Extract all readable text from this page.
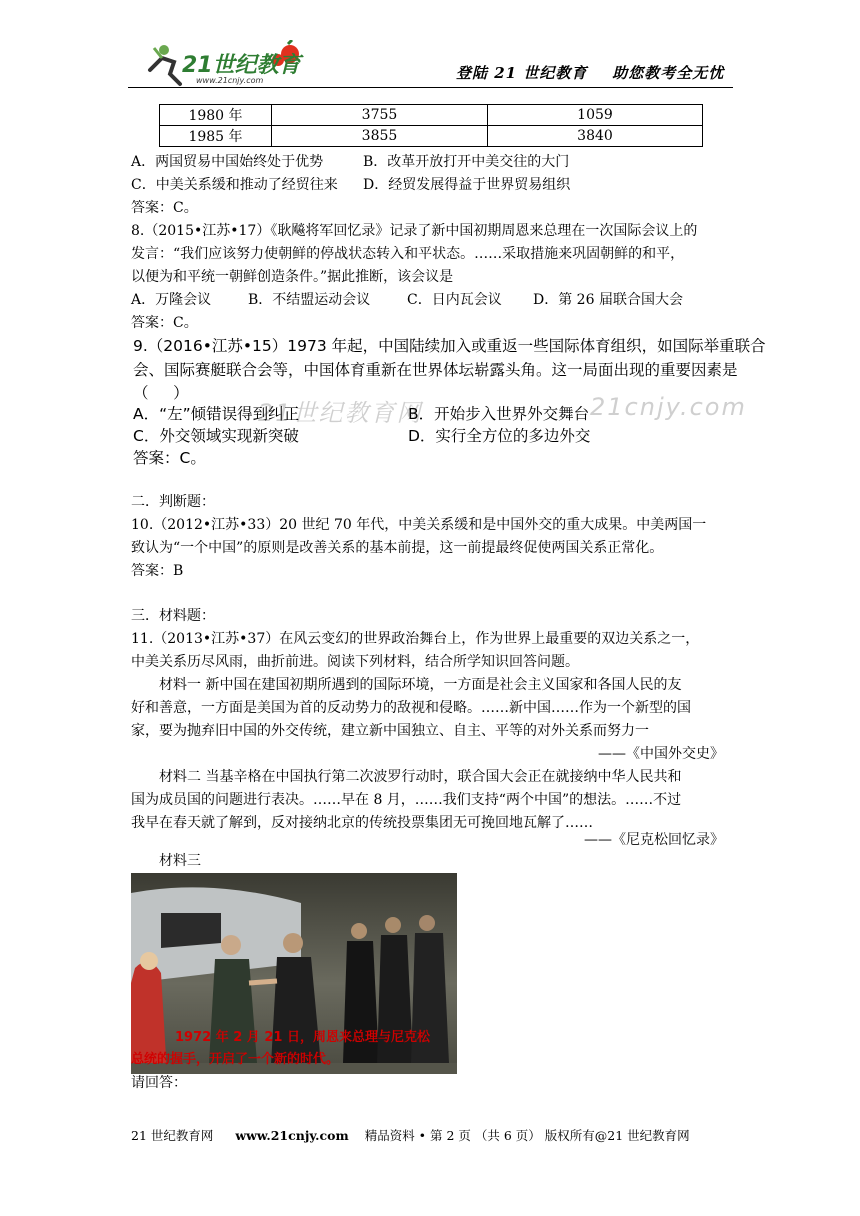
21世纪教育
www.21cnjy.com	登陆 21 世纪教育    助您教考全无忧
1980 年	3755	1059
1985 年	3855	3840
A．两国贸易中国始终处于优势	B．改革开放打开中美交往的大门
C．中美关系缓和推动了经贸往来 D．经贸发展得益于世界贸易组织
答案：C。
8.（2015•江苏•17）《耿飚将军回忆录》记录了新中国初期周恩来总理在一次国际会议上的
发言：“我们应该努力使朝鲜的停战状态转入和平状态。……采取措施来巩固朝鲜的和平，
以便为和平统一朝鲜创造条件。”据此推断，该会议是
A．万隆会议	B．不结盟运动会议	C．日内瓦会议 D．第 26 届联合国大会
答案：C。
21世纪教育网	21cnjy.com
9.（2016•江苏•15）1973 年起，中国陆续加入或重返一些国际体育组织，如国际举重联合
会、国际赛艇联合会等，中国体育重新在世界体坛崭露头角。这一局面出现的重要因素是
（     ）
A．“左”倾错误得到纠正	B．开始步入世界外交舞台
C．外交领域实现新突破	D．实行全方位的多边外交
答案：C。
二．判断题：
10.（2012•江苏•33）20 世纪 70 年代，中美关系缓和是中国外交的重大成果。中美两国一
致认为“一个中国”的原则是改善关系的基本前提，这一前提最终促使两国关系正常化。
答案：B
三．材料题：
11.（2013•江苏•37）在风云变幻的世界政治舞台上，作为世界上最重要的双边关系之一，
中美关系历尽风雨，曲折前进。阅读下列材料，结合所学知识回答问题。
材料一 新中国在建国初期所遇到的国际环境，一方面是社会主义国家和各国人民的友
好和善意，一方面是美国为首的反动势力的敌视和侵略。……新中国……作为一个新型的国
家，要为抛弃旧中国的外交传统，建立新中国独立、自主、平等的对外关系而努力一
——《中国外交史》
材料二 当基辛格在中国执行第二次波罗行动时，联合国大会正在就接纳中华人民共和
国为成员国的问题进行表决。……早在 8 月，……我们支持“两个中国”的想法。……不过
我早在春天就了解到，反对接纳北京的传统投票集团无可挽回地瓦解了……
——《尼克松回忆录》
材料三
1972 年 2 月 21 日，周恩来总理与尼克松
总统的握手，开启了一个新的时代。
请回答：
21 世纪教育网 www.21cnjy.com 精品资料 • 第 2 页 （共 6 页） 版权所有@21 世纪教育网
